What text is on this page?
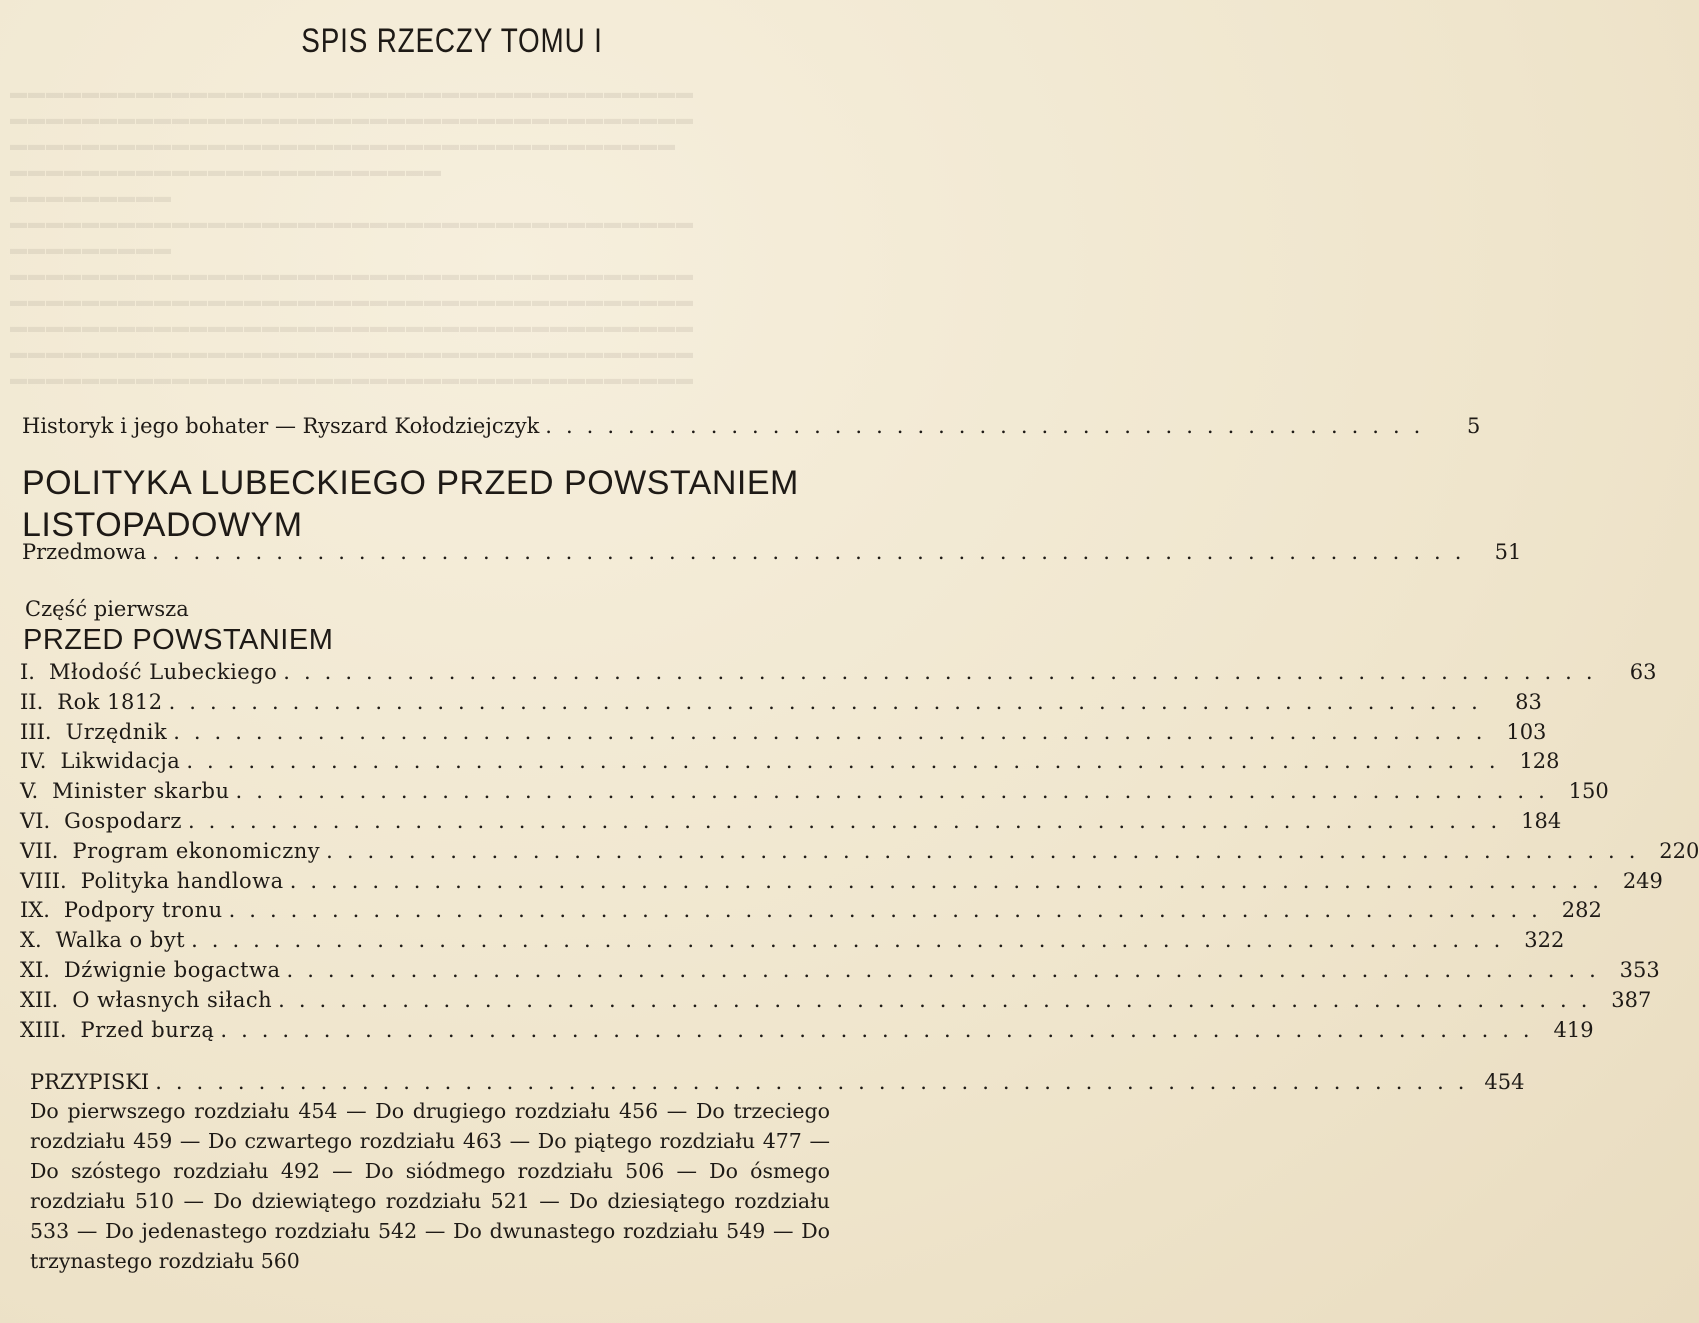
▬▬▬▬▬▬▬▬▬▬▬▬▬▬▬▬▬▬▬▬▬▬▬▬▬▬▬▬▬▬▬▬▬▬▬▬▬▬
▬▬▬▬▬▬▬▬▬▬▬▬▬▬▬▬▬▬▬▬▬▬▬▬▬▬▬▬▬▬▬▬▬▬▬▬▬▬
▬▬▬▬▬▬▬▬▬▬▬▬▬▬▬▬▬▬▬▬▬▬▬▬▬▬▬▬▬▬▬▬▬▬▬▬▬
▬▬▬▬▬▬▬▬▬▬▬▬▬▬▬▬▬▬▬▬▬▬▬▬
▬▬▬▬▬▬▬▬▬
▬▬▬▬▬▬▬▬▬▬▬▬▬▬▬▬▬▬▬▬▬▬▬▬▬▬▬▬▬▬▬▬▬▬▬▬▬▬
▬▬▬▬▬▬▬▬▬
▬▬▬▬▬▬▬▬▬▬▬▬▬▬▬▬▬▬▬▬▬▬▬▬▬▬▬▬▬▬▬▬▬▬▬▬▬▬
▬▬▬▬▬▬▬▬▬▬▬▬▬▬▬▬▬▬▬▬▬▬▬▬▬▬▬▬▬▬▬▬▬▬▬▬▬▬
▬▬▬▬▬▬▬▬▬▬▬▬▬▬▬▬▬▬▬▬▬▬▬▬▬▬▬▬▬▬▬▬▬▬▬▬▬▬
▬▬▬▬▬▬▬▬▬▬▬▬▬▬▬▬▬▬▬▬▬▬▬▬▬▬▬▬▬▬▬▬▬▬▬▬▬▬
▬▬▬▬▬▬▬▬▬▬▬▬▬▬▬▬▬▬▬▬▬▬▬▬▬▬▬▬▬▬▬▬▬▬▬▬▬▬
SPIS RZECZY TOMU I
Historyk i jego bohater — Ryszard Kołodziejczyk ...........................................	5
POLITYKA LUBECKIEGO PRZED POWSTANIEM
LISTOPADOWYM
Przedmowa ................................................................ 51
Część pierwsza
PRZED POWSTANIEM
I. Młodość Lubeckiego ................................................................	63
II. Rok 1812 ................................................................	83
III. Urzędnik ................................................................ 103
IV. Likwidacja ................................................................ 128
V. Minister skarbu ................................................................ 150
VI. Gospodarz ................................................................ 184
VII. Program ekonomiczny ................................................................ 220
VIII. Polityka handlowa ................................................................ 249
IX. Podpory tronu ................................................................ 282
X. Walka o byt ................................................................ 322
XI. Dźwignie bogactwa ................................................................ 353
XII. O własnych siłach ................................................................ 387
XIII. Przed burzą ................................................................ 419
PRZYPISKI ................................................................ 454
Do pierwszego rozdziału 454 — Do drugiego rozdziału 456 — Do trzeciego rozdziału 459 — Do czwartego rozdziału 463 — Do piątego rozdziału 477 — Do szóstego rozdziału 492 — Do siódmego rozdziału 506 — Do ósmego rozdziału 510 — Do dziewiątego rozdziału 521 — Do dziesiątego rozdziału 533 — Do jedenastego rozdziału 542 — Do dwunastego rozdziału 549 — Do trzynastego rozdziału 560
